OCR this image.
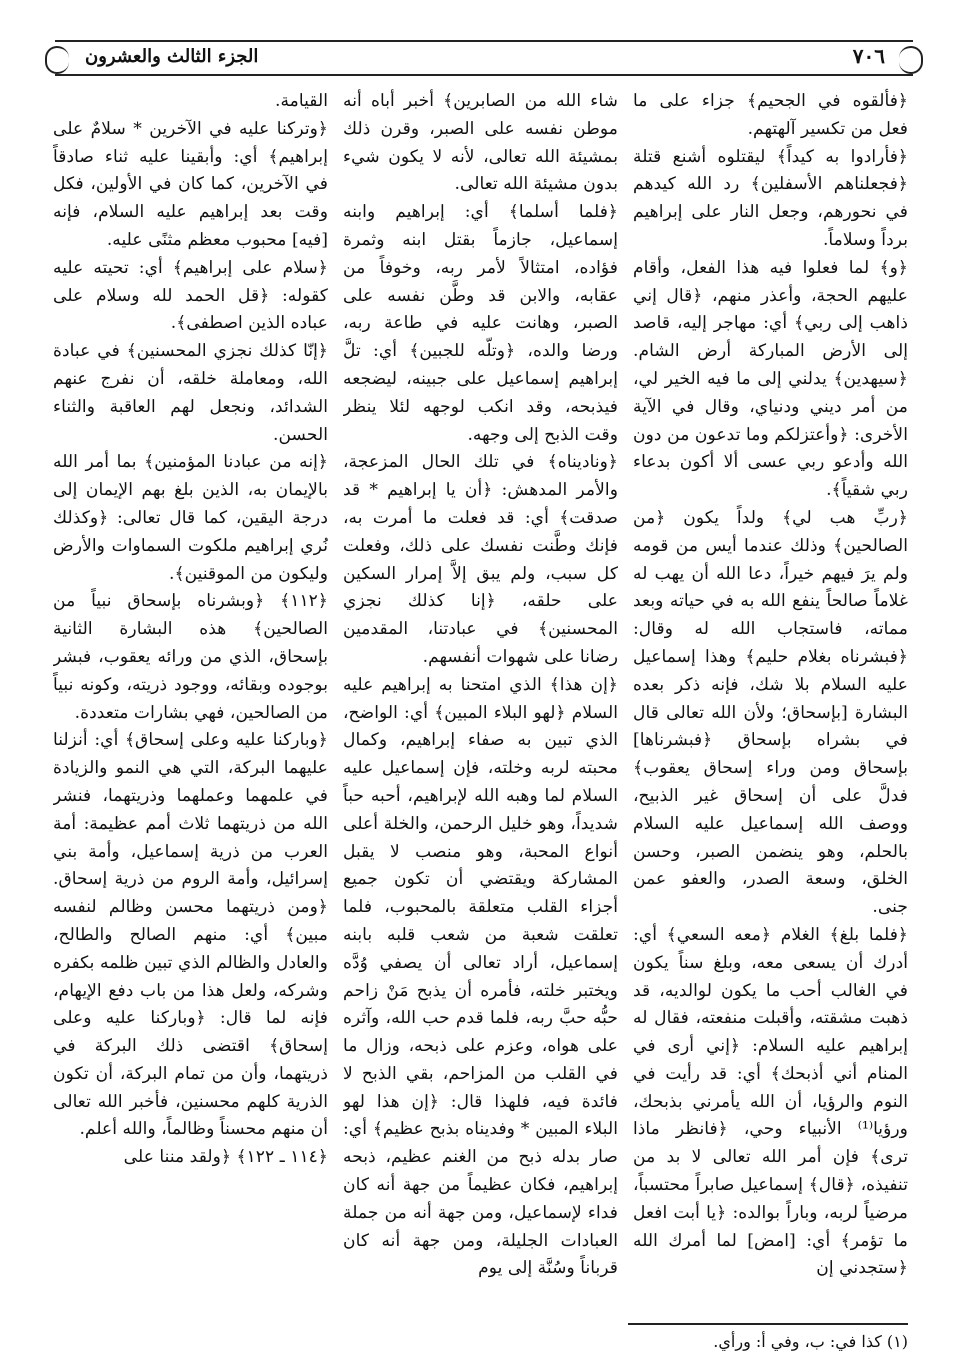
٧٠٦
الجزء الثالث والعشرون

﴿فألقوه في الجحيم﴾ جزاء على ما فعل من تكسير آلهتهم.

﴿فأرادوا به كيداً﴾ ليقتلوه أشنع قتلة ﴿فجعلناهم الأسفلين﴾ رد الله كيدهم في نحورهم، وجعل النار على إبراهيم برداً وسلاماً.

﴿و﴾ لما فعلوا فيه هذا الفعل، وأقام عليهم الحجة، وأعذر منهم، ﴿قال إني ذاهب إلى ربي﴾ أي: مهاجر إليه، قاصد إلى الأرض المباركة أرض الشام. ﴿سيهدين﴾ يدلني إلى ما فيه الخير لي، من أمر ديني ودنياي، وقال في الآية الأخرى: ﴿وأعتزلكم وما تدعون من دون الله وأدعو ربي عسى ألا أكون بدعاء ربي شقياً﴾.

﴿ربِّ هب لي﴾ ولداً يكون ﴿من الصالحين﴾ وذلك عندما أيس من قومه ولم يرَ فيهم خيراً، دعا الله أن يهب له غلاماً صالحاً ينفع الله به في حياته وبعد مماته، فاستجاب الله له وقال: ﴿فبشرناه بغلام حليم﴾ وهذا إسماعيل عليه السلام بلا شك، فإنه ذكر بعده البشارة [بإسحاق؛ ولأن الله تعالى قال في بشراه بإسحاق ﴿فبشرناها] بإسحاق ومن وراء إسحاق يعقوب﴾ فدلَّ على أن إسحاق غير الذبيح، ووصف الله إسماعيل عليه السلام بالحلم، وهو ينضمن الصبر، وحسن الخلق، وسعة الصدر، والعفو عمن جنى.

﴿فلما بلغ﴾ الغلام ﴿معه السعي﴾ أي: أدرك أن يسعى معه، وبلغ سناً يكون في الغالب أحب ما يكون لوالديه، قد ذهبت مشقته، وأقبلت منفعته، فقال له إبراهيم عليه السلام: ﴿إني أرى في المنام أني أذبحك﴾ أي: قد رأيت في النوم والرؤيا، أن الله يأمرني بذبحك، ورؤيا⁽¹⁾ الأنبياء وحي، ﴿فانظر ماذا ترى﴾ فإن أمر الله تعالى لا بد من تنفيذه، ﴿قال﴾ إسماعيل صابراً محتسباً، مرضياً لربه، وباراً بوالده: ﴿يا أبت افعل ما تؤمر﴾ أي: [امض] لما أمرك الله ﴿ستجدني إن

شاء الله من الصابرين﴾ أخبر أباه أنه موطن نفسه على الصبر، وقرن ذلك بمشيئة الله تعالى، لأنه لا يكون شيء بدون مشيئة الله تعالى.

﴿فلما أسلما﴾ أي: إبراهيم وابنه إسماعيل، جازماً بقتل ابنه وثمرة فؤاده، امتثالاً لأمر ربه، وخوفاً من عقابه، والابن قد وطَّن نفسه على الصبر، وهانت عليه في طاعة ربه، ورضا والده، ﴿وتلّه للجبين﴾ أي: تلَّ إبراهيم إسماعيل على جبينه، ليضجعه فيذبحه، وقد انكب لوجهه لئلا ينظر وقت الذبح إلى وجهه.

﴿وناديناه﴾ في تلك الحال المزعجة، والأمر المدهش: ﴿أن يا إبراهيم * قد صدقت﴾ أي: قد فعلت ما أمرت به، فإنك وطَّنت نفسك على ذلك، وفعلت كل سبب، ولم يبق إلاَّ إمرار السكين على حلقه، ﴿إنا كذلك نجزي المحسنين﴾ في عبادتنا، المقدمين رضانا على شهوات أنفسهم.

﴿إن هذا﴾ الذي امتحنا به إبراهيم عليه السلام ﴿لهو البلاء المبين﴾ أي: الواضح، الذي تبين به صفاء إبراهيم، وكمال محبته لربه وخلته، فإن إسماعيل عليه السلام لما وهبه الله لإبراهيم، أحبه حباً شديداً، وهو خليل الرحمن، والخلة أعلى أنواع المحبة، وهو منصب لا يقبل المشاركة ويقتضي أن تكون جميع أجزاء القلب متعلقة بالمحبوب، فلما تعلقت شعبة من شعب قلبه بابنه إسماعيل، أراد تعالى أن يصفي وُدَّه ويختبر خلته، فأمره أن يذبح مَنْ زاحم حبُّه حبَّ ربه، فلما قدم حب الله، وآثره على هواه، وعزم على ذبحه، وزال ما في القلب من المزاحم، بقي الذبح لا فائدة فيه، فلهذا قال: ﴿إن هذا لهو البلاء المبين * وفديناه بذبح عظيم﴾ أي: صار بدله ذبح من الغنم عظيم، ذبحه إبراهيم، فكان عظيماً من جهة أنه كان فداء لإسماعيل، ومن جهة أنه من جملة العبادات الجليلة، ومن جهة أنه كان قرباناً وسُنَّة إلى يوم

القيامة.

﴿وتركنا عليه في الآخرين * سلامٌ على إبراهيم﴾ أي: وأبقينا عليه ثناء صادقاً في الآخرين، كما كان في الأولين، فكل وقت بعد إبراهيم عليه السلام، فإنه [فيه] محبوب معظم مثنًى عليه.

﴿سلام على إبراهيم﴾ أي: تحيته عليه كقوله: ﴿قل الحمد لله وسلام على عباده الذين اصطفى﴾.

﴿إنّا كذلك نجزي المحسنين﴾ في عبادة الله، ومعاملة خلقه، أن نفرج عنهم الشدائد، ونجعل لهم العاقبة والثناء الحسن.

﴿إنه من عبادنا المؤمنين﴾ بما أمر الله بالإيمان به، الذين بلغ بهم الإيمان إلى درجة اليقين، كما قال تعالى: ﴿وكذلك نُري إبراهيم ملكوت السماوات والأرض وليكون من الموقنين﴾.

﴿١١٢﴾ ﴿وبشرناه بإسحاق نبياً من الصالحين﴾ هذه البشارة الثانية بإسحاق، الذي من ورائه يعقوب، فبشر بوجوده وبقائه، ووجود ذريته، وكونه نبياً من الصالحين، فهي بشارات متعددة.

﴿وباركنا عليه وعلى إسحاق﴾ أي: أنزلنا عليهما البركة، التي هي النمو والزيادة في علمهما وعملهما وذريتهما، فنشر الله من ذريتهما ثلاث أمم عظيمة: أمة العرب من ذرية إسماعيل، وأمة بني إسرائيل، وأمة الروم من ذرية إسحاق. ﴿ومن ذريتهما محسن وظالم لنفسه مبين﴾ أي: منهم الصالح والطالح، والعادل والظالم الذي تبين ظلمه بكفره وشركه، ولعل هذا من باب دفع الإيهام، فإنه لما قال: ﴿وباركنا عليه وعلى إسحاق﴾ اقتضى ذلك البركة في ذريتهما، وأن من تمام البركة، أن تكون الذرية كلهم محسنين، فأخبر الله تعالى أن منهم محسناً وظالماً، والله أعلم.

﴿١١٤ ـ ١٢٢﴾ ﴿ولقد مننا على

(١) كذا في: ب، وفي أ: ورأي.
